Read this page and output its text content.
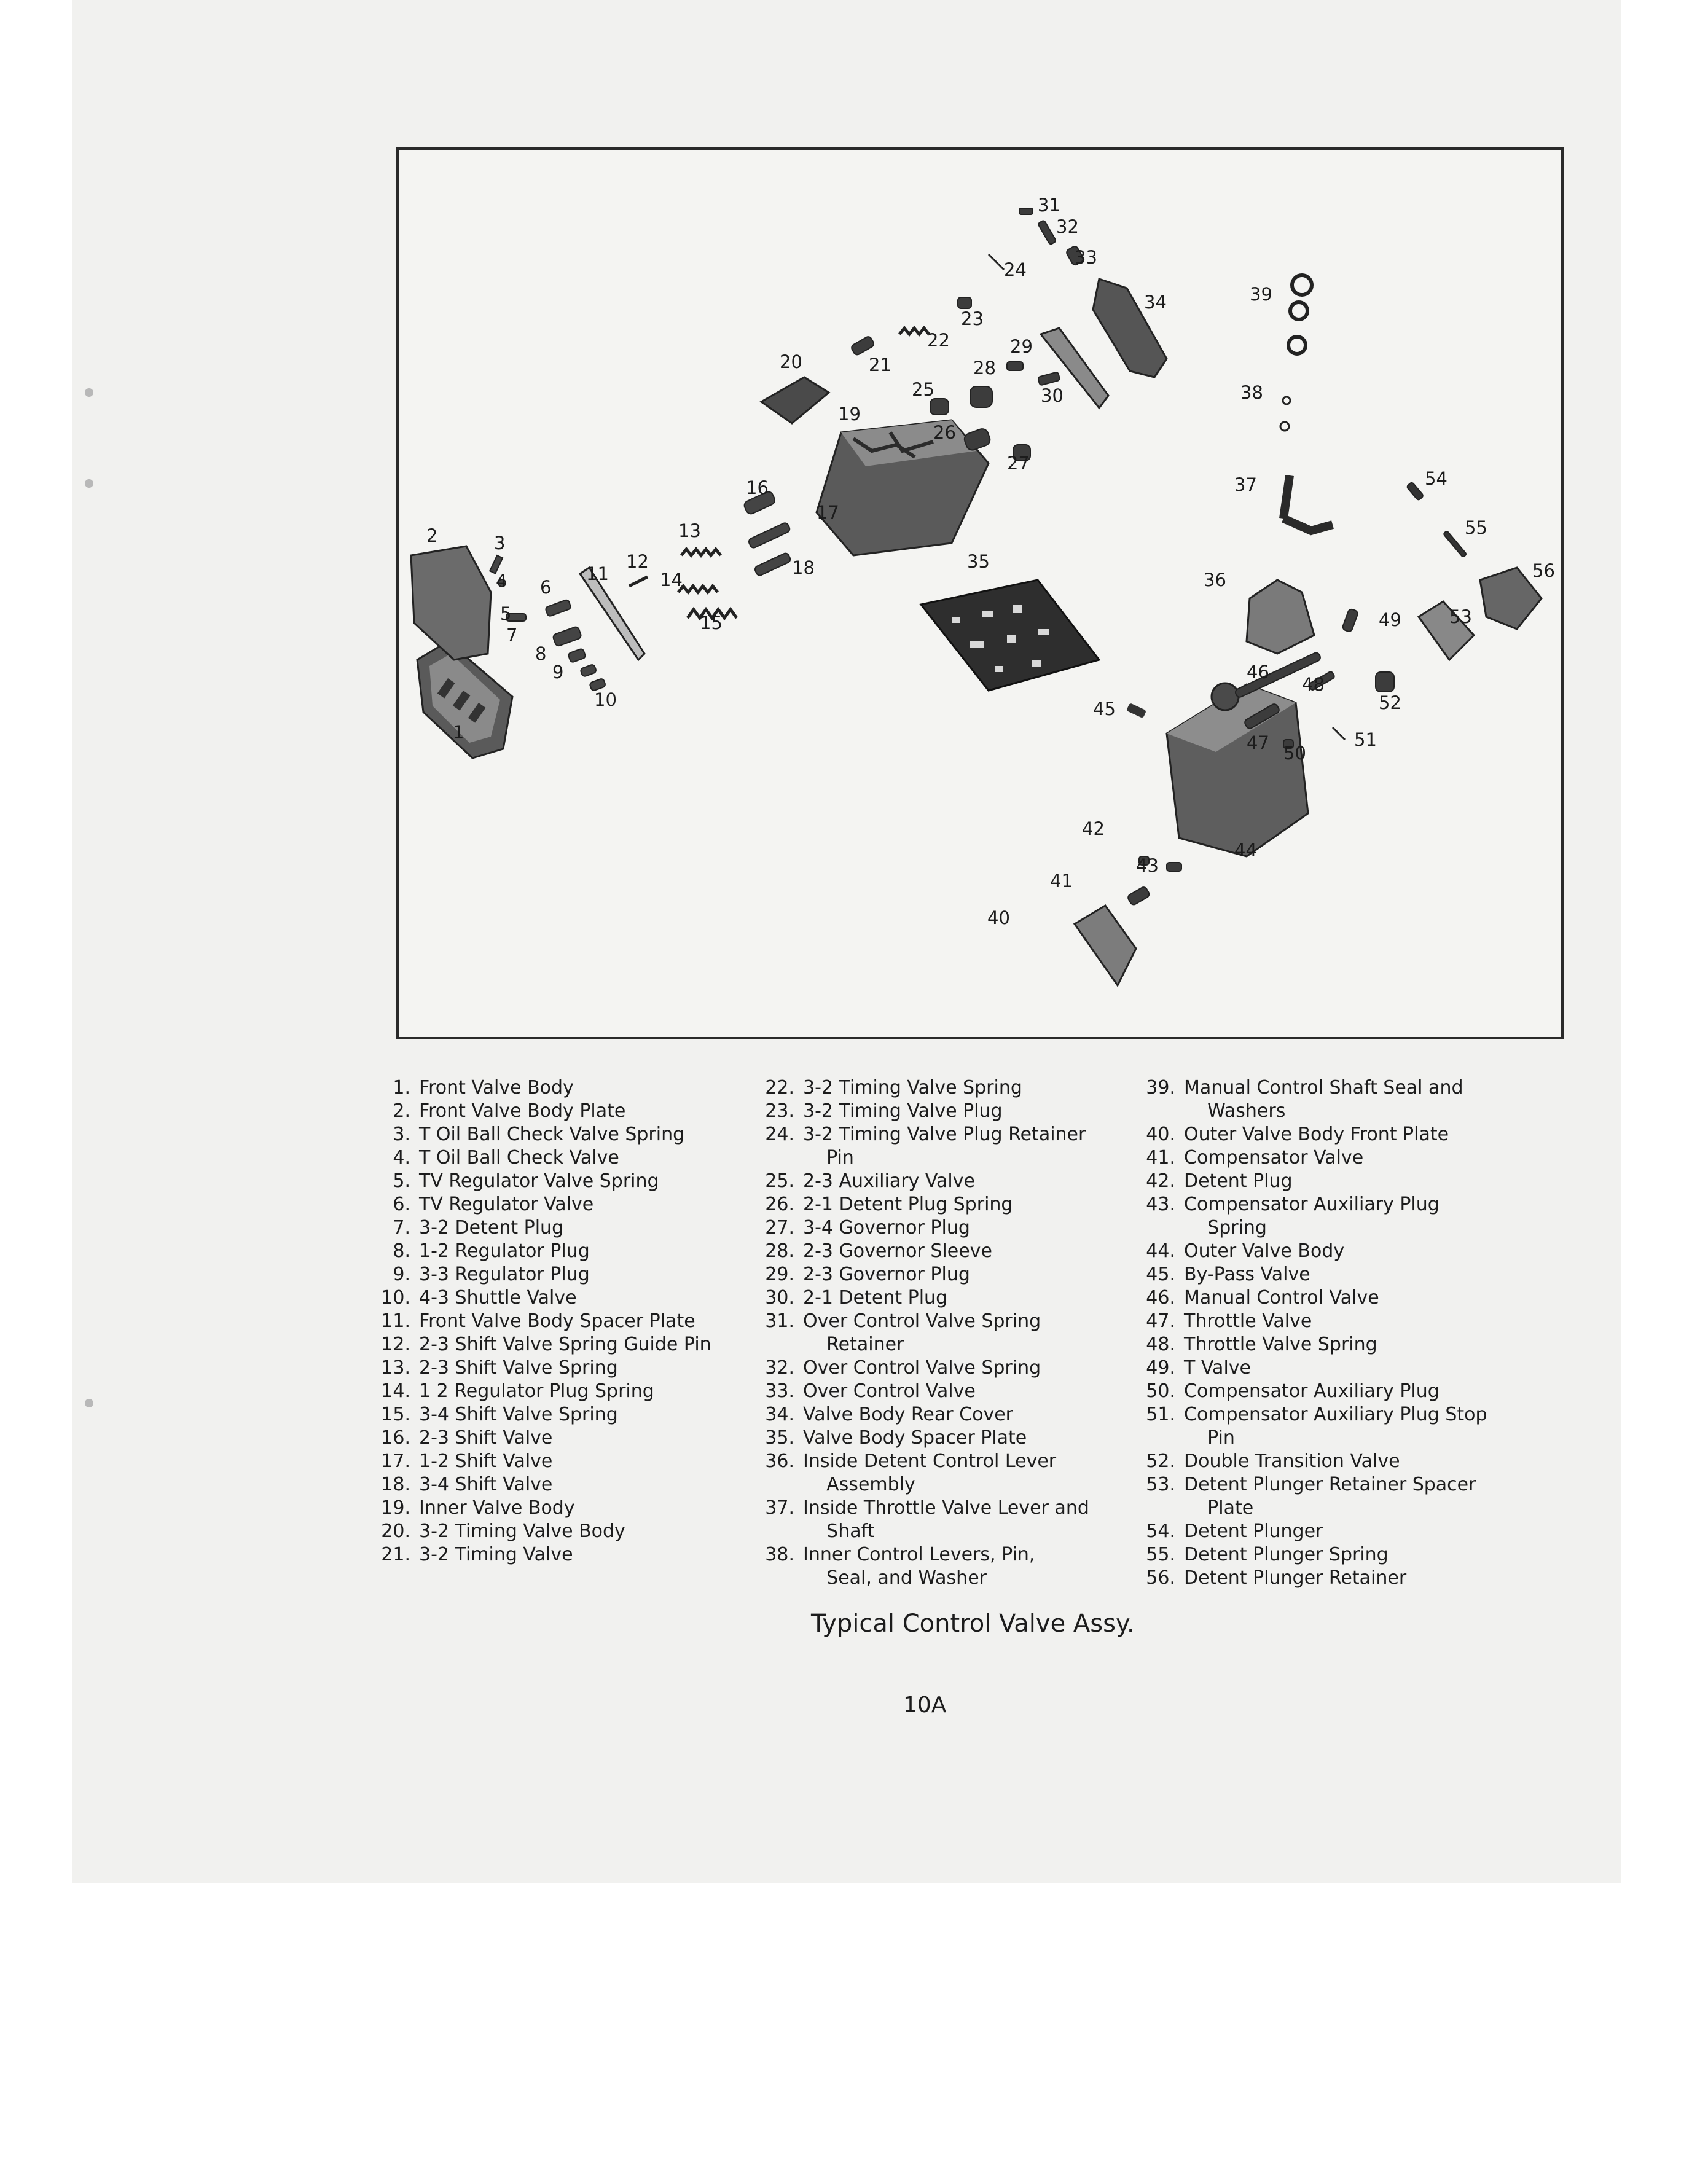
1
2	3
4
5
6
7
8
9
10
11
12
13
14
15
16
17
18
19
20	21
22
23
24
25
26
27
28
29
30
31
32
33
34
35
36
37
38
39
40
41
42
43
44
45
46
47
48
49
50
51
52
53
54
55
56
1. Front Valve Body
2. Front Valve Body Plate
3. T Oil Ball Check Valve Spring
4. T Oil Ball Check Valve
5. TV Regulator Valve Spring
6. TV Regulator Valve
7. 3-2 Detent Plug
8. 1-2 Regulator Plug
9. 3-3 Regulator Plug
10. 4-3 Shuttle Valve
11. Front Valve Body Spacer Plate
12. 2-3 Shift Valve Spring Guide Pin
13. 2-3 Shift Valve Spring
14. 1 2 Regulator Plug Spring
15. 3-4 Shift Valve Spring
16. 2-3 Shift Valve
17. 1-2 Shift Valve
18. 3-4 Shift Valve
19. Inner Valve Body
20. 3-2 Timing Valve Body
21. 3-2 Timing Valve
22. 3-2 Timing Valve Spring
23. 3-2 Timing Valve Plug
24. 3-2 Timing Valve Plug Retainer
Pin
25. 2-3 Auxiliary Valve
26. 2-1 Detent Plug Spring
27. 3-4 Governor Plug
28. 2-3 Governor Sleeve
29. 2-3 Governor Plug
30. 2-1 Detent Plug
31. Over Control Valve Spring
Retainer
32. Over Control Valve Spring
33. Over Control Valve
34. Valve Body Rear Cover
35. Valve Body Spacer Plate
36. Inside Detent Control Lever
Assembly
37. Inside Throttle Valve Lever and
Shaft
38. Inner Control Levers, Pin,
Seal, and Washer
39. Manual Control Shaft Seal and
Washers
40. Outer Valve Body Front Plate
41. Compensator Valve
42. Detent Plug
43. Compensator Auxiliary Plug
Spring
44. Outer Valve Body
45. By-Pass Valve
46. Manual Control Valve
47. Throttle Valve
48. Throttle Valve Spring
49. T Valve
50. Compensator Auxiliary Plug
51. Compensator Auxiliary Plug Stop
Pin
52. Double Transition Valve
53. Detent Plunger Retainer Spacer
Plate
54. Detent Plunger
55. Detent Plunger Spring
56. Detent Plunger Retainer
Typical Control Valve Assy.
10A
